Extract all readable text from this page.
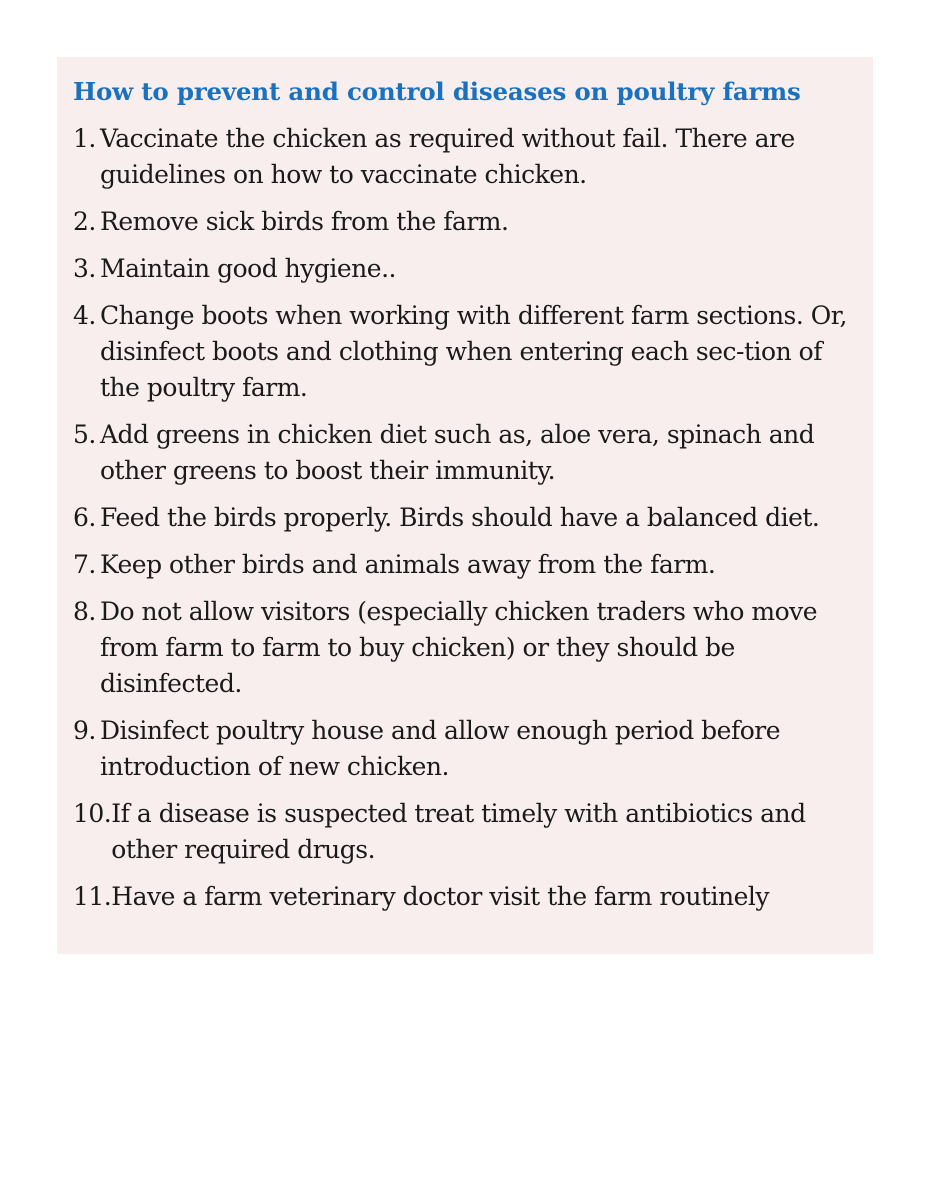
How to prevent and control diseases on poultry farms
1. Vaccinate the chicken as required without fail. There are guidelines on how to vaccinate chicken.
2. Remove sick birds from the farm.
3. Maintain good hygiene..
4. Change boots when working with different farm sections. Or, disinfect boots and clothing when entering each sec-tion of the poultry farm.
5. Add greens in chicken diet such as, aloe vera, spinach and other greens to boost their immunity.
6. Feed the birds properly. Birds should have a balanced diet.
7. Keep other birds and animals away from the farm.
8. Do not allow visitors (especially chicken traders who move from farm to farm to buy chicken) or they should be disinfected.
9. Disinfect poultry house and allow enough period before introduction of new chicken.
10. If a disease is suspected treat timely with antibiotics and other required drugs.
11. Have a farm veterinary doctor visit the farm routinely
